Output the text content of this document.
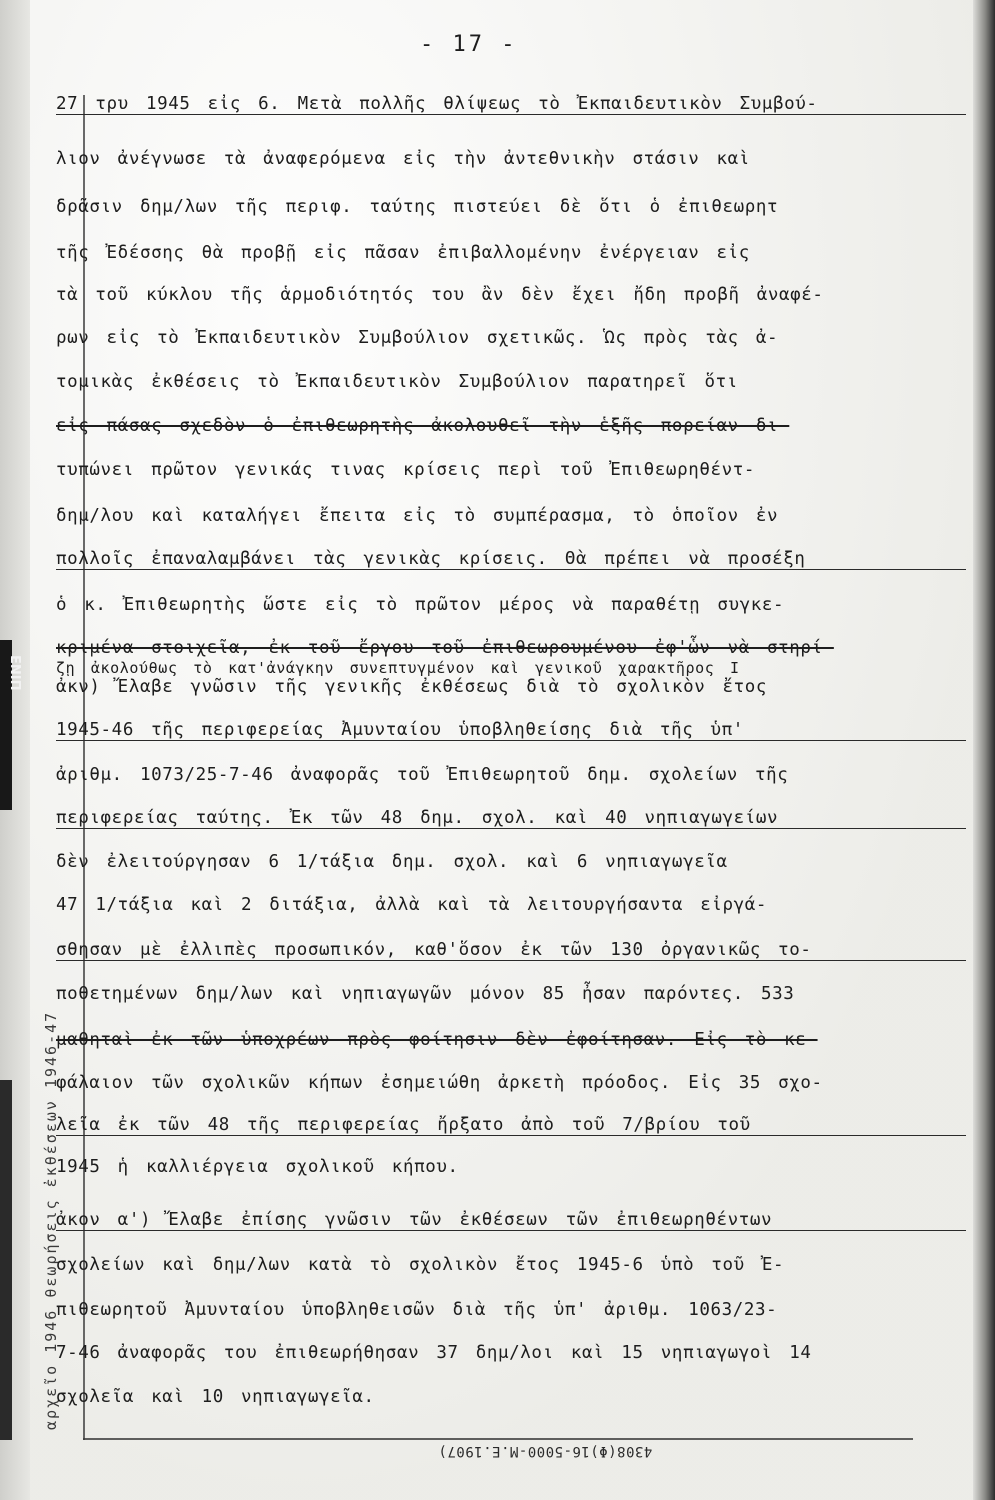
ΕΝΙΠ
αρχεῖο 1946 θεωρήσεις ἐκθέσεων 1946-47
- 17 -
27 τρυ 1945 εἰς 6. Μετὰ πολλῆς θλίψεως τὸ Ἐκπαιδευτικὸν Συμβού-
λιον ἀνέγνωσε τὰ ἀναφερόμενα εἰς τὴν ἀντεθνικὴν στάσιν καὶ
δρᾶσιν δημ/λων τῆς περιφ. ταύτης πιστεύει δὲ ὅτι ὁ ἐπιθεωρητ
τῆς Ἐδέσσης θὰ προβῇ εἰς πᾶσαν ἐπιβαλλομένην ἐνέργειαν εἰς
τὰ τοῦ κύκλου τῆς ἁρμοδιότητός του ἂν δὲν ἔχει ἤδη προβῆ ἀναφέ-
ρων εἰς τὸ Ἐκπαιδευτικὸν Συμβούλιον σχετικῶς. Ὡς πρὸς τὰς ἀ-
τομικὰς ἐκθέσεις τὸ Ἐκπαιδευτικὸν Συμβούλιον παρατηρεῖ ὅτι
εἰς πάσας σχεδὸν ὁ ἐπιθεωρητὴς ἀκολουθεῖ τὴν ἑξῆς πορείαν δι-
τυπώνει πρῶτον γενικάς τινας κρίσεις περὶ τοῦ Ἐπιθεωρηθέντ-
δημ/λου καὶ καταλήγει ἔπειτα εἰς τὸ συμπέρασμα, τὸ ὁποῖον ἐν
πολλοῖς ἐπαναλαμβάνει τὰς γενικὰς κρίσεις. Θὰ πρέπει νὰ προσέξη
ὁ κ. Ἐπιθεωρητὴς ὥστε εἰς τὸ πρῶτον μέρος νὰ παραθέτῃ συγκε-
κριμένα στοιχεῖα, ἐκ τοῦ ἔργου τοῦ ἐπιθεωρουμένου ἐφ'ὧν νὰ στηρί-
ζῃ ἀκολούθως τὸ κατ'ἀνάγκην συνεπτυγμένον καὶ γενικοῦ χαρακτῆρος Ι
ἀκν) Ἔλαβε γνῶσιν τῆς γενικῆς ἐκθέσεως διὰ τὸ σχολικὸν ἔτος
1945-46 τῆς περιφερείας Ἀμυνταίου ὑποβληθείσης διὰ τῆς ὑπ'
ἀριθμ. 1073/25-7-46 ἀναφορᾶς τοῦ Ἐπιθεωρητοῦ δημ. σχολείων τῆς
περιφερείας ταύτης. Ἐκ τῶν 48 δημ. σχολ. καὶ 40 νηπιαγωγείων
δὲν ἐλειτούργησαν 6 1/τάξια δημ. σχολ. καὶ 6 νηπιαγωγεῖα
47 1/τάξια καὶ 2 διτάξια, ἀλλὰ καὶ τὰ λειτουργήσαντα εἰργά-
σθησαν μὲ ἐλλιπὲς προσωπικόν, καθ'ὅσον ἐκ τῶν 130 ὀργανικῶς το-
ποθετημένων δημ/λων καὶ νηπιαγωγῶν μόνον 85 ἦσαν παρόντες. 533
μαθηταὶ ἐκ τῶν ὑποχρέων πρὸς φοίτησιν δὲν ἐφοίτησαν. Εἰς τὸ κε-
φάλαιον τῶν σχολικῶν κήπων ἐσημειώθη ἀρκετὴ πρόοδος. Εἰς 35 σχο-
λεῖα ἐκ τῶν 48 τῆς περιφερείας ἤρξατο ἀπὸ τοῦ 7/βρίου τοῦ
1945 ἡ καλλιέργεια σχολικοῦ κήπου.
ἀκον α') Ἔλαβε ἐπίσης γνῶσιν τῶν ἐκθέσεων τῶν ἐπιθεωρηθέντων
σχολείων καὶ δημ/λων κατὰ τὸ σχολικὸν ἔτος 1945-6 ὑπὸ τοῦ Ἐ-
πιθεωρητοῦ Ἀμυνταίου ὑποβληθεισῶν διὰ τῆς ὑπ' ἀριθμ. 1063/23-
7-46 ἀναφορᾶς του ἐπιθεωρήθησαν 37 δημ/λοι καὶ 15 νηπιαγωγοὶ 14
σχολεῖα καὶ 10 νηπιαγωγεῖα.
4308(Φ)16-5000-Μ.Ε.1907)
